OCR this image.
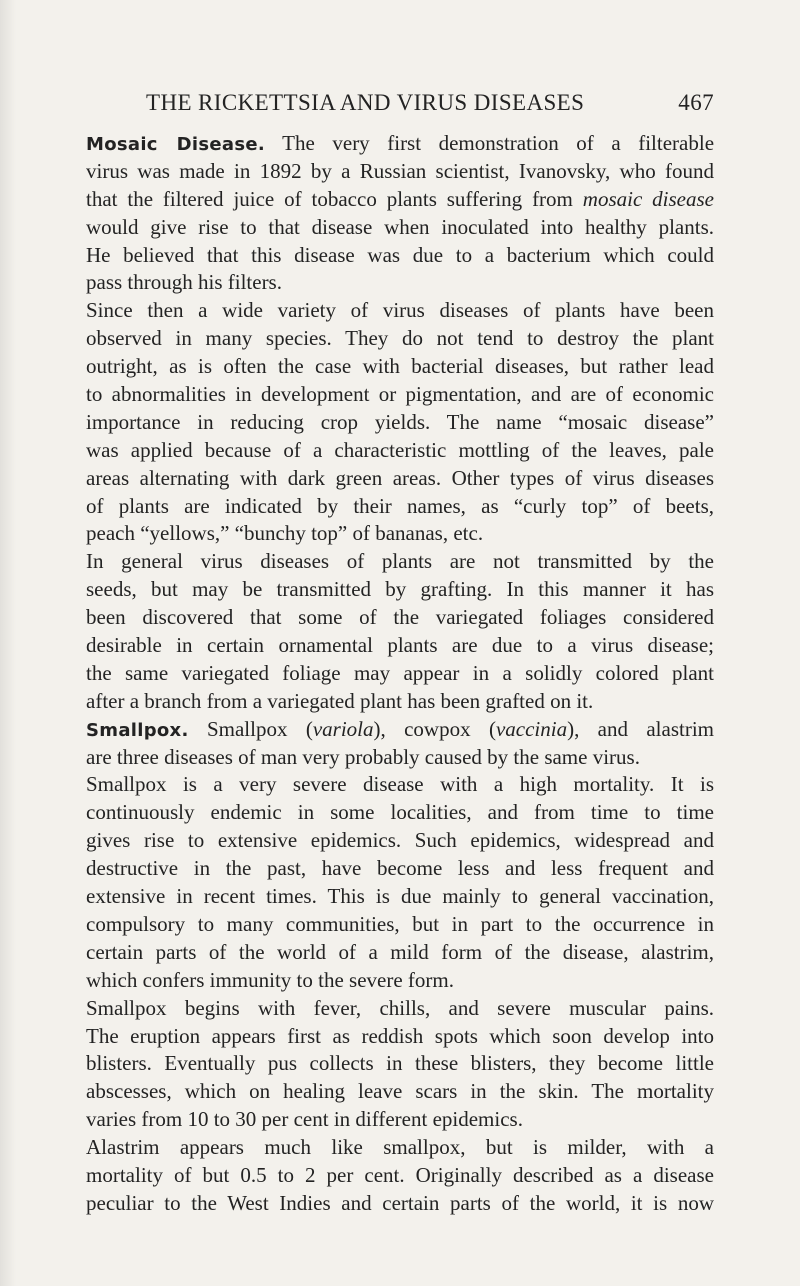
THE RICKETTSIA AND VIRUS DISEASES	467
Mosaic Disease. The very first demonstration of a filterable
virus was made in 1892 by a Russian scientist, Ivanovsky, who found
that the filtered juice of tobacco plants suffering from mosaic disease
would give rise to that disease when inoculated into healthy plants.
He believed that this disease was due to a bacterium which could
pass through his filters.
Since then a wide variety of virus diseases of plants have been
observed in many species. They do not tend to destroy the plant
outright, as is often the case with bacterial diseases, but rather lead
to abnormalities in development or pigmentation, and are of economic
importance in reducing crop yields. The name “mosaic disease”
was applied because of a characteristic mottling of the leaves, pale
areas alternating with dark green areas. Other types of virus diseases
of plants are indicated by their names, as “curly top” of beets,
peach “yellows,” “bunchy top” of bananas, etc.
In general virus diseases of plants are not transmitted by the
seeds, but may be transmitted by grafting. In this manner it has
been discovered that some of the variegated foliages considered
desirable in certain ornamental plants are due to a virus disease;
the same variegated foliage may appear in a solidly colored plant
after a branch from a variegated plant has been grafted on it.
Smallpox. Smallpox (variola), cowpox (vaccinia), and alastrim
are three diseases of man very probably caused by the same virus.
Smallpox is a very severe disease with a high mortality. It is
continuously endemic in some localities, and from time to time
gives rise to extensive epidemics. Such epidemics, widespread and
destructive in the past, have become less and less frequent and
extensive in recent times. This is due mainly to general vaccination,
compulsory to many communities, but in part to the occurrence in
certain parts of the world of a mild form of the disease, alastrim,
which confers immunity to the severe form.
Smallpox begins with fever, chills, and severe muscular pains.
The eruption appears first as reddish spots which soon develop into
blisters. Eventually pus collects in these blisters, they become little
abscesses, which on healing leave scars in the skin. The mortality
varies from 10 to 30 per cent in different epidemics.
Alastrim appears much like smallpox, but is milder, with a
mortality of but 0.5 to 2 per cent. Originally described as a disease
peculiar to the West Indies and certain parts of the world, it is now
